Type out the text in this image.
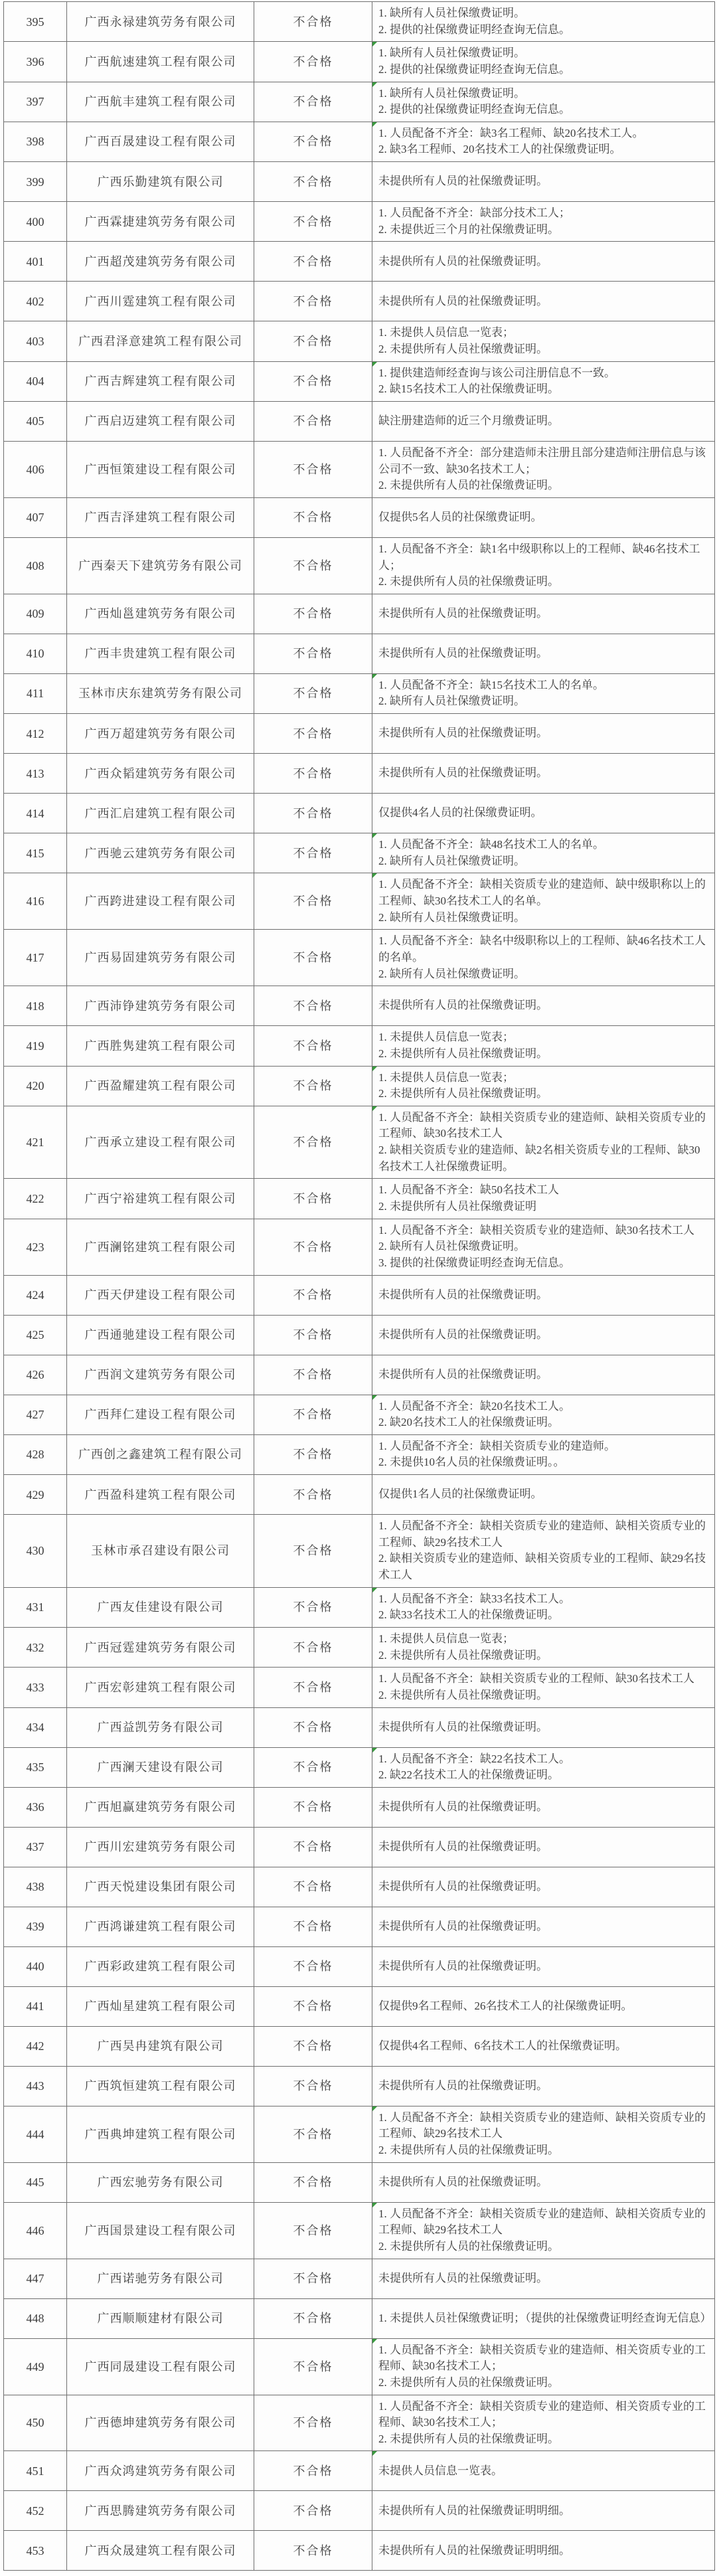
395	广西永禄建筑劳务有限公司	不合格	1. 缺所有人员社保缴费证明。
2. 提供的社保缴费证明经查询无信息。

396	广西航速建筑工程有限公司	不合格	1. 缺所有人员社保缴费证明。
2. 提供的社保缴费证明经查询无信息。

397	广西航丰建筑工程有限公司	不合格	1. 缺所有人员社保缴费证明。
2. 提供的社保缴费证明经查询无信息。

398	广西百晟建设工程有限公司	不合格	1. 人员配备不齐全：缺3名工程师、缺20名技术工人。
2. 缺3名工程师、20名技术工人的社保缴费证明。

399	广西乐勤建筑有限公司	不合格	未提供所有人员的社保缴费证明。

400	广西霖捷建筑劳务有限公司	不合格	1. 人员配备不齐全：缺部分技术工人；
2. 未提供近三个月的社保缴费证明。

401	广西超茂建筑劳务有限公司	不合格	未提供所有人员的社保缴费证明。

402	广西川霆建筑工程有限公司	不合格	未提供所有人员的社保缴费证明。

403	广西君泽意建筑工程有限公司	不合格	1. 未提供人员信息一览表；
2. 未提供所有人员社保缴费证明。

404	广西吉辉建筑工程有限公司	不合格	1. 提供建造师经查询与该公司注册信息不一致。
2. 缺15名技术工人的社保缴费证明。

405	广西启迈建筑工程有限公司	不合格	缺注册建造师的近三个月缴费证明。

406	广西恒策建设工程有限公司	不合格	1. 人员配备不齐全：部分建造师未注册且部分建造师注册信息与该公司不一致、缺30名技术工人；
2. 未提供所有人员的社保缴费证明。

407	广西吉泽建筑工程有限公司	不合格	仅提供5名人员的社保缴费证明。

408	广西秦天下建筑劳务有限公司	不合格	1. 人员配备不齐全：缺1名中级职称以上的工程师、缺46名技术工人；
2. 未提供所有人员的社保缴费证明。

409	广西灿邕建筑劳务有限公司	不合格	未提供所有人员的社保缴费证明。

410	广西丰贵建筑工程有限公司	不合格	未提供所有人员的社保缴费证明。

411	玉林市庆东建筑劳务有限公司	不合格	1. 人员配备不齐全：缺15名技术工人的名单。
2. 缺所有人员社保缴费证明。

412	广西万超建筑劳务有限公司	不合格	未提供所有人员的社保缴费证明。

413	广西众韬建筑劳务有限公司	不合格	未提供所有人员的社保缴费证明。

414	广西汇启建筑工程有限公司	不合格	仅提供4名人员的社保缴费证明。

415	广西驰云建筑劳务有限公司	不合格	1. 人员配备不齐全：缺48名技术工人的名单。
2. 缺所有人员社保缴费证明。

416	广西跨进建设工程有限公司	不合格	1. 人员配备不齐全：缺相关资质专业的建造师、缺中级职称以上的工程师、缺30名技术工人的名单。
2. 缺所有人员社保缴费证明。

417	广西易固建筑劳务有限公司	不合格	1. 人员配备不齐全：缺名中级职称以上的工程师、缺46名技术工人的名单。
2. 缺所有人员社保缴费证明。

418	广西沛铮建筑劳务有限公司	不合格	未提供所有人员的社保缴费证明。

419	广西胜隽建筑工程有限公司	不合格	1. 未提供人员信息一览表；
2. 未提供所有人员社保缴费证明。

420	广西盈耀建筑工程有限公司	不合格	1. 未提供人员信息一览表；
2. 未提供所有人员社保缴费证明。

421	广西承立建设工程有限公司	不合格	1. 人员配备不齐全：缺相关资质专业的建造师、缺相关资质专业的工程师、缺30名技术工人
2. 缺相关资质专业的建造师、缺2名相关资质专业的工程师、缺30名技术工人社保缴费证明。

422	广西宁裕建筑工程有限公司	不合格	1. 人员配备不齐全：缺50名技术工人
2. 未提供所有人员社保缴费证明

423	广西澜铭建筑工程有限公司	不合格	1. 人员配备不齐全：缺相关资质专业的建造师、缺30名技术工人
2. 缺所有人员社保缴费证明。
3. 提供的社保缴费证明经查询无信息。

424	广西天伊建设工程有限公司	不合格	未提供所有人员的社保缴费证明。

425	广西通驰建设工程有限公司	不合格	未提供所有人员的社保缴费证明。

426	广西润文建筑劳务有限公司	不合格	未提供所有人员的社保缴费证明。

427	广西拜仁建设工程有限公司	不合格	1. 人员配备不齐全：缺20名技术工人。
2. 缺20名技术工人的社保缴费证明。

428	广西创之鑫建筑工程有限公司	不合格	1. 人员配备不齐全：缺相关资质专业的建造师。
2. 未提供10名人员的社保缴费证明。。

429	广西盈科建筑工程有限公司	不合格	仅提供1名人员的社保缴费证明。

430	玉林市承召建设有限公司	不合格	1. 人员配备不齐全：缺相关资质专业的建造师、缺相关资质专业的工程师、缺29名技术工人
2. 缺相关资质专业的建造师、缺相关资质专业的工程师、缺29名技术工人

431	广西友佳建设有限公司	不合格	1. 人员配备不齐全：缺33名技术工人。
2. 缺33名技术工人的社保缴费证明。

432	广西冠霆建筑劳务有限公司	不合格	1. 未提供人员信息一览表；
2. 未提供所有人员社保缴费证明。

433	广西宏彰建筑工程有限公司	不合格	1. 人员配备不齐全：缺相关资质专业的工程师、缺30名技术工人
2. 未提供所有人员社保缴费证明。

434	广西益凯劳务有限公司	不合格	未提供所有人员的社保缴费证明。

435	广西澜天建设有限公司	不合格	1. 人员配备不齐全：缺22名技术工人。
2. 缺22名技术工人的社保缴费证明。

436	广西旭赢建筑劳务有限公司	不合格	未提供所有人员的社保缴费证明。

437	广西川宏建筑劳务有限公司	不合格	未提供所有人员的社保缴费证明。

438	广西天悦建设集团有限公司	不合格	未提供所有人员的社保缴费证明。

439	广西鸿谦建筑工程有限公司	不合格	未提供所有人员的社保缴费证明。

440	广西彩政建筑工程有限公司	不合格	未提供所有人员的社保缴费证明。

441	广西灿星建筑工程有限公司	不合格	仅提供9名工程师、26名技术工人的社保缴费证明。

442	广西昊冉建筑有限公司	不合格	仅提供4名工程师、6名技术工人的社保缴费证明。

443	广西筑恒建筑工程有限公司	不合格	未提供所有人员的社保缴费证明。

444	广西典坤建筑工程有限公司	不合格	1. 人员配备不齐全：缺相关资质专业的建造师、缺相关资质专业的工程师、缺29名技术工人
2. 未提供所有人员的社保缴费证明。

445	广西宏驰劳务有限公司	不合格	未提供所有人员的社保缴费证明。

446	广西国景建设工程有限公司	不合格	1. 人员配备不齐全：缺相关资质专业的建造师、缺相关资质专业的工程师、缺29名技术工人
2. 未提供所有人员的社保缴费证明。

447	广西诺驰劳务有限公司	不合格	未提供所有人员的社保缴费证明。

448	广西顺顺建材有限公司	不合格	1. 未提供人员社保缴费证明；（提供的社保缴费证明经查询无信息）

449	广西同晟建设工程有限公司	不合格	1. 人员配备不齐全：缺相关资质专业的建造师、相关资质专业的工程师、缺30名技术工人；
2. 未提供所有人员的社保缴费证明。

450	广西德坤建筑劳务有限公司	不合格	1. 人员配备不齐全：缺相关资质专业的建造师、相关资质专业的工程师、缺30名技术工人；
2. 未提供所有人员的社保缴费证明。

451	广西众鸿建筑劳务有限公司	不合格	未提供人员信息一览表。

452	广西思腾建筑劳务有限公司	不合格	未提供所有人员的社保缴费证明明细。

453	广西众晟建筑工程有限公司	不合格	未提供所有人员的社保缴费证明明细。
